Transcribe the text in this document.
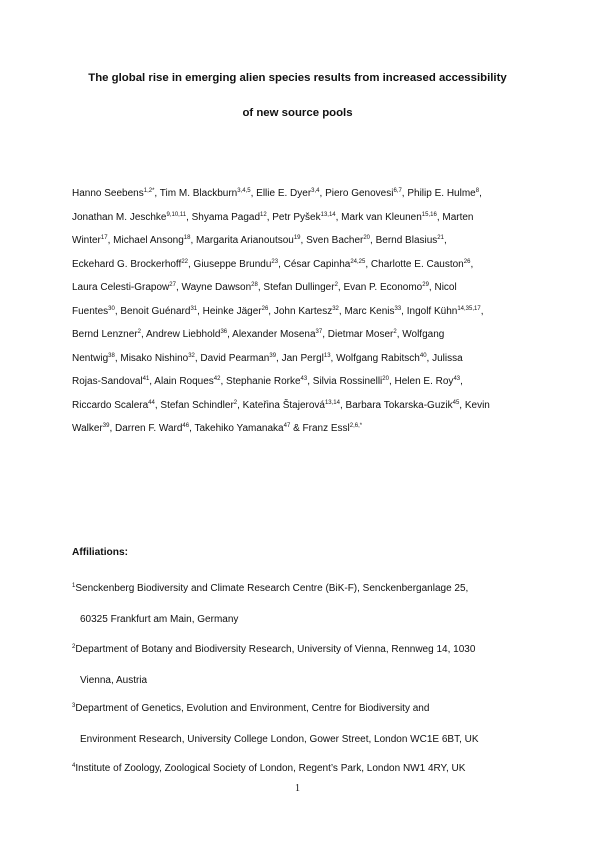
The global rise in emerging alien species results from increased accessibility
of new source pools
Hanno Seebens$^{1,2*}$, Tim M. Blackburn$^{3,4,5}$, Ellie E. Dyer$^{3,4}$, Piero Genovesi$^{6,7}$, Philip E. Hulme$^8$,
Jonathan M. Jeschke$^{9,10,11}$, Shyama Pagad$^{12}$, Petr Pyšek$^{13,14}$, Mark van Kleunen$^{15,16}$, Marten
Winter$^{17}$, Michael Ansong$^{18}$, Margarita Arianoutsou$^{19}$, Sven Bacher$^{20}$, Bernd Blasius$^{21}$,
Eckehard G. Brockerhoff$^{22}$, Giuseppe Brundu$^{23}$, César Capinha$^{24,25}$, Charlotte E. Causton$^{26}$,
Laura Celesti-Grapow$^{27}$, Wayne Dawson$^{28}$, Stefan Dullinger$^2$, Evan P. Economo$^{29}$, Nicol
Fuentes$^{30}$, Benoit Guénard$^{31}$, Heinke Jäger$^{26}$, John Kartesz$^{32}$, Marc Kenis$^{33}$, Ingolf Kühn$^{14,35,17}$,
Bernd Lenzner$^2$, Andrew Liebhold$^{36}$, Alexander Mosena$^{37}$, Dietmar Moser$^2$, Wolfgang
Nentwig$^{38}$, Misako Nishino$^{32}$, David Pearman$^{39}$, Jan Pergl$^{13}$, Wolfgang Rabitsch$^{40}$, Julissa
Rojas-Sandoval$^{41}$, Alain Roques$^{42}$, Stephanie Rorke$^{43}$, Silvia Rossinelli$^{20}$, Helen E. Roy$^{43}$,
Riccardo Scalera$^{44}$, Stefan Schindler$^2$, Kateřina Štajerová$^{13,14}$, Barbara Tokarska-Guzik$^{45}$, Kevin
Walker$^{39}$, Darren F. Ward$^{46}$, Takehiko Yamanaka$^{47}$ & Franz Essl$^{2,6,*}$
Affiliations:
$^1$Senckenberg Biodiversity and Climate Research Centre (BiK-F), Senckenberganlage 25,
60325 Frankfurt am Main, Germany
$^2$Department of Botany and Biodiversity Research, University of Vienna, Rennweg 14, 1030
Vienna, Austria
$^3$Department of Genetics, Evolution and Environment, Centre for Biodiversity and
Environment Research, University College London, Gower Street, London WC1E 6BT, UK
$^4$Institute of Zoology, Zoological Society of London, Regent’s Park, London NW1 4RY, UK
1
